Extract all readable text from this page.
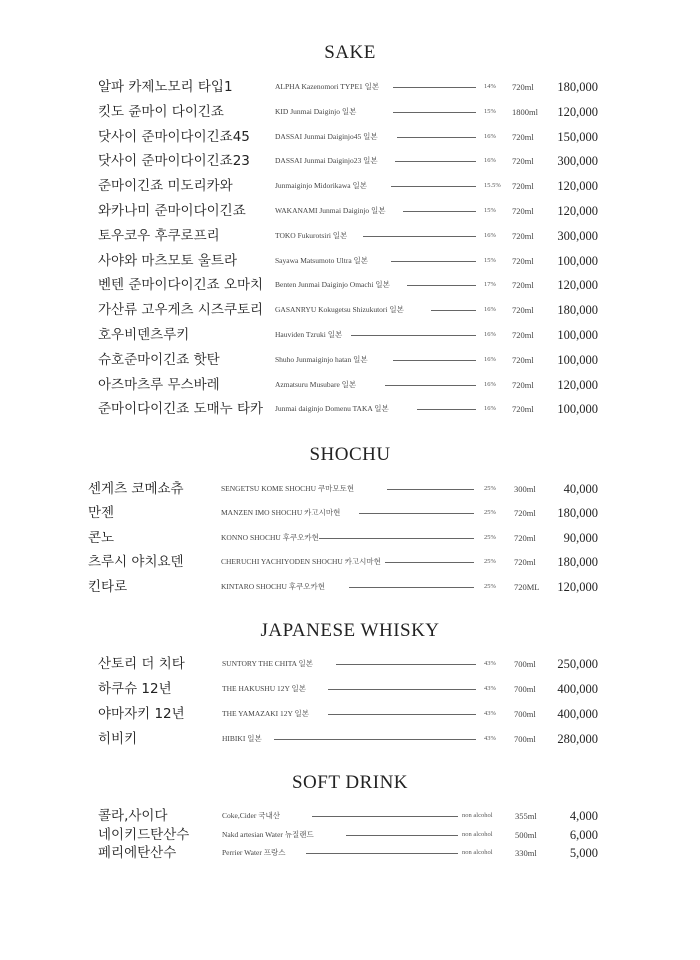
SAKE
SHOCHU
JAPANESE WHISKY
SOFT DRINK
알파 카제노모리 타입1	ALPHA Kazenomori TYPE1 일본	14% 720ml	180,000
킷도 쥰마이 다이긴죠	KID Junmai Daiginjo 일본	15% 1800ml	120,000
닷사이 준마이다이긴죠45	DASSAI Junmai Daiginjo45 일본	16% 720ml	150,000
닷사이 준마이다이긴죠23	DASSAI Junmai Daiginjo23 일본	16% 720ml	300,000
준마이긴죠 미도리카와	Junmaiginjo Midorikawa 일본	15.5% 720ml	120,000
와카나미 준마이다이긴죠	WAKANAMI Junmai Daiginjo 일본	15% 720ml	120,000
토우코우 후쿠로프리	TOKO Fukurotsiri 일본	16% 720ml	300,000
사야와 마츠모토 울트라	Sayawa Matsumoto Ultra 일본	15% 720ml	100,000
벤텐 준마이다이긴죠 오마치 Benten Junmai Daiginjo Omachi 일본	17% 720ml	120,000
가산류 고우게츠 시즈쿠토리 GASANRYU Kokugetsu Shizukutori 일본	16% 720ml	180,000
호우비덴츠루키	Hauviden Tzruki 일본	16% 720ml	100,000
슈호준마이긴죠 핫탄	Shuho Junmaiginjo hatan 일본	16% 720ml	100,000
아즈마츠루 무스바레	Azmatsuru Musubare 일본	16% 720ml	120,000
준마이다이긴죠 도매누 타카 Junmai daiginjo Domenu TAKA 일본	16% 720ml	100,000
센게츠 코메쇼츄	SENGETSU KOME SHOCHU 쿠마모토현	25% 300ml	40,000
만젠	MANZEN IMO SHOCHU 카고시마현	25% 720ml	180,000
콘노	KONNO SHOCHU 후쿠오카현	25% 720ml	90,000
츠루시 야치요덴	CHERUCHI YACHIYODEN SHOCHU 카고시마현	25% 720ml	180,000
킨타로	KINTARO SHOCHU 후쿠오카현	25% 720ML	120,000
산토리 더 치타	SUNTORY THE CHITA 일본	43% 700ml	250,000
하쿠슈 12년	THE HAKUSHU 12Y 일본	43% 700ml	400,000
야마자키 12년	THE YAMAZAKI 12Y 일본	43% 700ml	400,000
히비키	HIBIKI 일본	43% 700ml	280,000
콜라,사이다	Coke,Cider 국내산	non alcohol	355ml	4,000
네이키드탄산수	Nakd artesian Water 뉴질랜드	non alcohol	500ml	6,000
페리에탄산수	Perrier Water 프랑스	non alcohol	330ml	5,000
